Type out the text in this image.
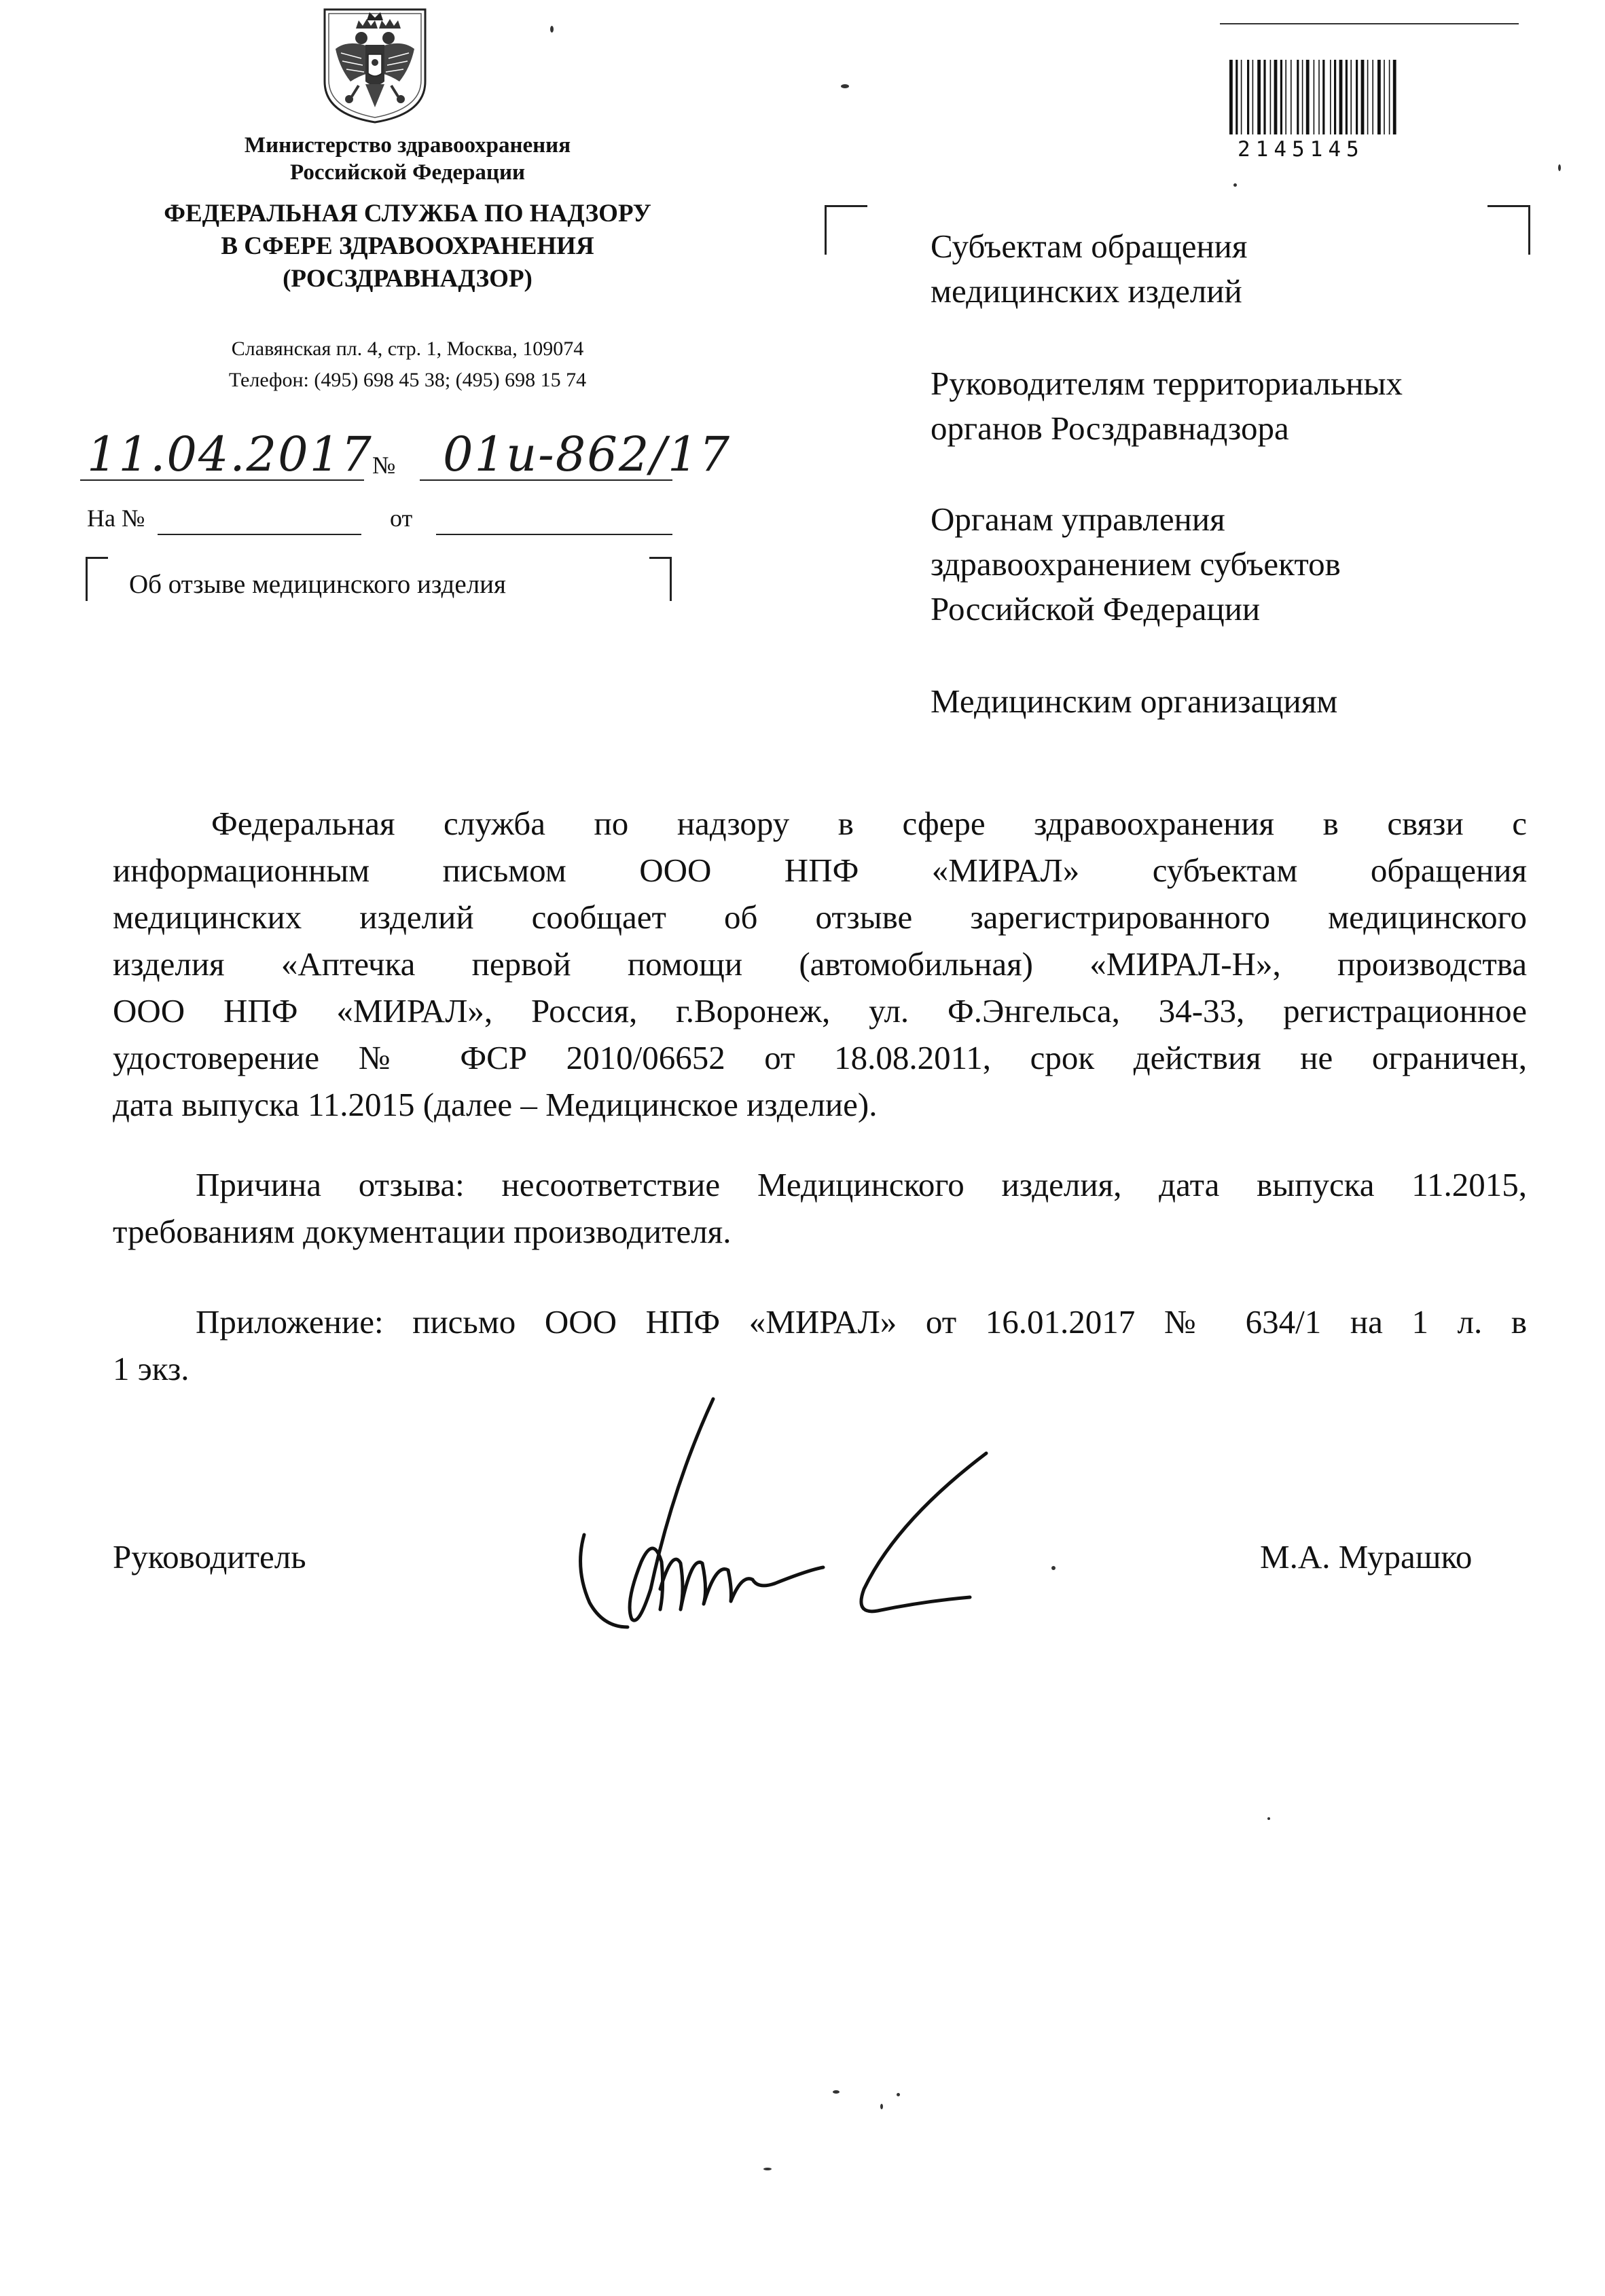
Министерство здравоохранения
Российской Федерации
ФЕДЕРАЛЬНАЯ СЛУЖБА ПО НАДЗОРУ
В СФЕРЕ ЗДРАВООХРАНЕНИЯ
(РОСЗДРАВНАДЗОР)
Славянская пл. 4, стр. 1, Москва, 109074
Телефон: (495) 698 45 38; (495) 698 15 74
11.04.2017 № 01и-862/17
На №	от
Об отзыве медицинского изделия
2145145
Субъектам обращения
медицинских изделий
Руководителям территориальных
органов Росздравнадзора
Органам управления
здравоохранением субъектов
Российской Федерации
Медицинским организациям
Федеральная служба по надзору в сфере здравоохранения в связи с
информационным письмом ООО НПФ «МИРАЛ» субъектам обращения
медицинских изделий сообщает об отзыве зарегистрированного медицинского
изделия «Аптечка первой помощи (автомобильная) «МИРАЛ-Н», производства
ООО НПФ «МИРАЛ», Россия, г.Воронеж, ул. Ф.Энгельса, 34-33, регистрационное
удостоверение № ФСР 2010/06652 от 18.08.2011, срок действия не ограничен,
дата выпуска 11.2015 (далее – Медицинское изделие).
Причина отзыва: несоответствие Медицинского изделия, дата выпуска 11.2015,
требованиям документации производителя.
Приложение: письмо ООО НПФ «МИРАЛ» от 16.01.2017 № 634/1 на 1 л. в
1 экз.
Руководитель	М.А. Мурашко
